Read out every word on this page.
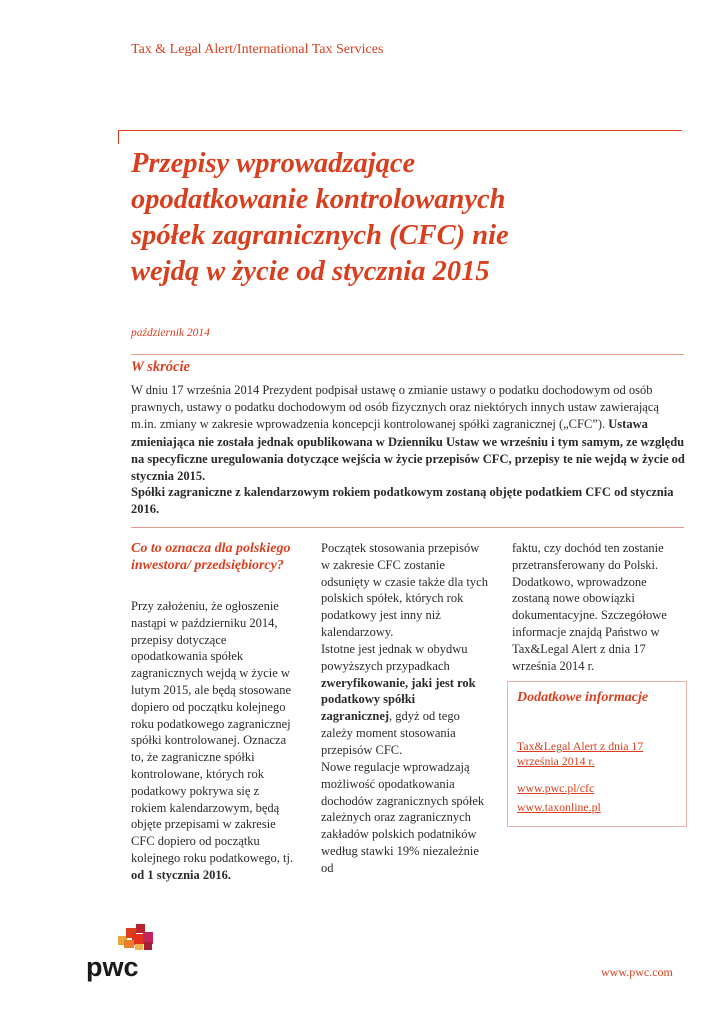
Tax & Legal Alert/International Tax Services
Przepisy wprowadzające
opodatkowanie kontrolowanych
spółek zagranicznych (CFC) nie
wejdą w życie od stycznia 2015
październik 2014
W skrócie

W dniu 17 września 2014 Prezydent podpisał ustawę o zmianie ustawy o podatku dochodowym od osób prawnych, ustawy o podatku dochodowym od osób fizycznych oraz niektórych innych ustaw zawierającą m.in. zmiany w zakresie wprowadzenia koncepcji kontrolowanej spółki zagranicznej („CFC”). Ustawa zmieniająca nie została jednak opublikowana w Dzienniku Ustaw we wrześniu i tym samym, ze względu na specyficzne uregulowania dotyczące wejścia w życie przepisów CFC, przepisy te nie wejdą w życie od stycznia 2015.

Spółki zagraniczne z kalendarzowym rokiem podatkowym zostaną objęte podatkiem CFC od stycznia 2016.

Co to oznacza dla polskiego inwestora/ przedsiębiorcy?

Przy założeniu, że ogłoszenie nastąpi w październiku 2014, przepisy dotyczące opodatkowania spółek zagranicznych wejdą w życie w lutym 2015, ale będą stosowane dopiero od początku kolejnego roku podatkowego zagranicznej spółki kontrolowanej. Oznacza to, że zagraniczne spółki kontrolowane, których rok podatkowy pokrywa się z rokiem kalendarzowym, będą objęte przepisami w zakresie CFC dopiero od początku kolejnego roku podatkowego, tj. od 1 stycznia 2016.

Początek stosowania przepisów w zakresie CFC zostanie odsunięty w czasie także dla tych polskich spółek, których rok podatkowy jest inny niż kalendarzowy.

Istotne jest jednak w obydwu powyższych przypadkach zweryfikowanie, jaki jest rok podatkowy spółki zagranicznej, gdyż od tego zależy moment stosowania przepisów CFC.

Nowe regulacje wprowadzają możliwość opodatkowania dochodów zagranicznych spółek zależnych oraz zagranicznych zakładów polskich podatników według stawki 19% niezależnie od

faktu, czy dochód ten zostanie przetransferowany do Polski. Dodatkowo, wprowadzone zostaną nowe obowiązki dokumentacyjne. Szczegółowe informacje znajdą Państwo w Tax&Legal Alert z dnia 17 września 2014 r.

Dodatkowe informacje
Tax&Legal Alert z dnia 17 września 2014 r.
www.pwc.pl/cfc
www.taxonline.pl
pwc	www.pwc.com
